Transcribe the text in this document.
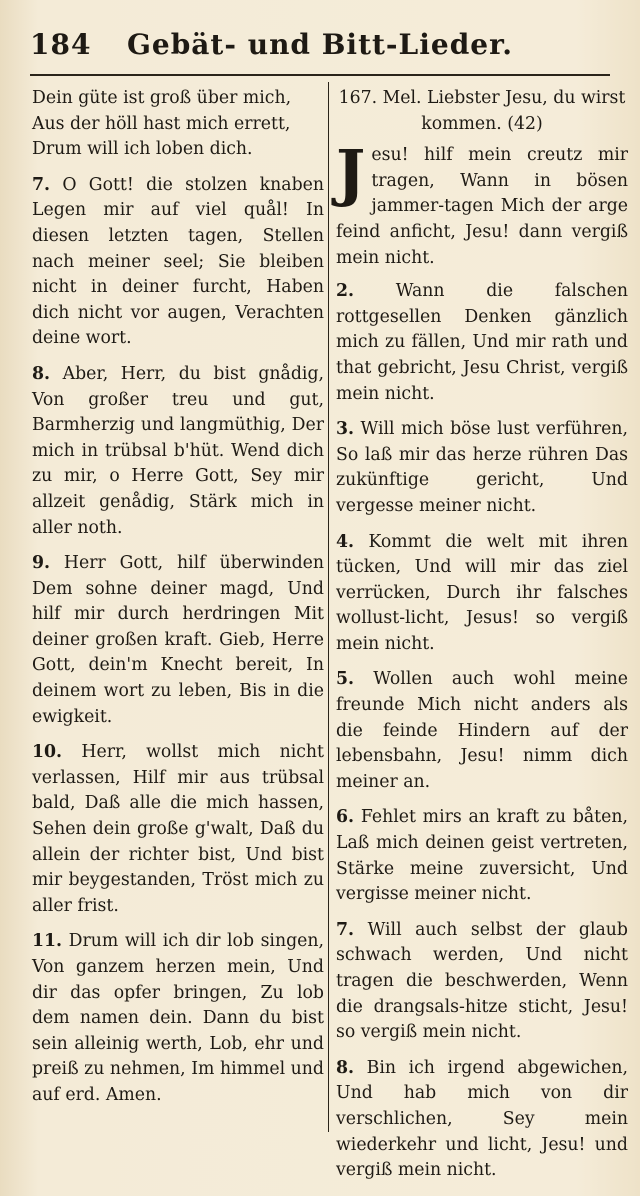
184	Gebät- und Bitt-Lieder.

Dein güte ist groß über mich, Aus der höll hast mich errett, Drum will ich loben dich.

7. O Gott! die stolzen knaben Legen mir auf viel quål! In diesen letzten tagen, Stellen nach meiner seel; Sie bleiben nicht in deiner furcht, Haben dich nicht vor augen, Verachten deine wort.

8. Aber, Herr, du bist gnådig, Von großer treu und gut, Barmherzig und langmüthig, Der mich in trübsal b'hüt. Wend dich zu mir, o Herre Gott, Sey mir allzeit genådig, Stärk mich in aller noth.

9. Herr Gott, hilf überwinden Dem sohne deiner magd, Und hilf mir durch herdringen Mit deiner großen kraft. Gieb, Herre Gott, dein'm Knecht bereit, In deinem wort zu leben, Bis in die ewigkeit.

10. Herr, wollst mich nicht verlassen, Hilf mir aus trübsal bald, Daß alle die mich hassen, Sehen dein große g'walt, Daß du allein der richter bist, Und bist mir beygestanden, Tröst mich zu aller frist.

11. Drum will ich dir lob singen, Von ganzem herzen mein, Und dir das opfer bringen, Zu lob dem namen dein. Dann du bist sein alleinig werth, Lob, ehr und preiß zu nehmen, Im himmel und auf erd. Amen.

167. Mel. Liebster Jesu, du wirst kommen. (42)

J esu! hilf mein creutz mir tragen, Wann in bösen jammer-tagen Mich der arge feind anficht, Jesu! dann vergiß mein nicht.

2. Wann die falschen rottgesellen Denken gänzlich mich zu fällen, Und mir rath und that gebricht, Jesu Christ, vergiß mein nicht.

3. Will mich böse lust verführen, So laß mir das herze rühren Das zukünftige gericht, Und vergesse meiner nicht.

4. Kommt die welt mit ihren tücken, Und will mir das ziel verrücken, Durch ihr falsches wollust-licht, Jesus! so vergiß mein nicht.

5. Wollen auch wohl meine freunde Mich nicht anders als die feinde Hindern auf der lebensbahn, Jesu! nimm dich meiner an.

6. Fehlet mirs an kraft zu båten, Laß mich deinen geist vertreten, Stärke meine zuversicht, Und vergisse meiner nicht.

7. Will auch selbst der glaub schwach werden, Und nicht tragen die beschwerden, Wenn die drangsals-hitze sticht, Jesu! so vergiß mein nicht.

8. Bin ich irgend abgewichen, Und hab mich von dir verschlichen, Sey mein wiederkehr und licht, Jesu! und vergiß mein nicht.
